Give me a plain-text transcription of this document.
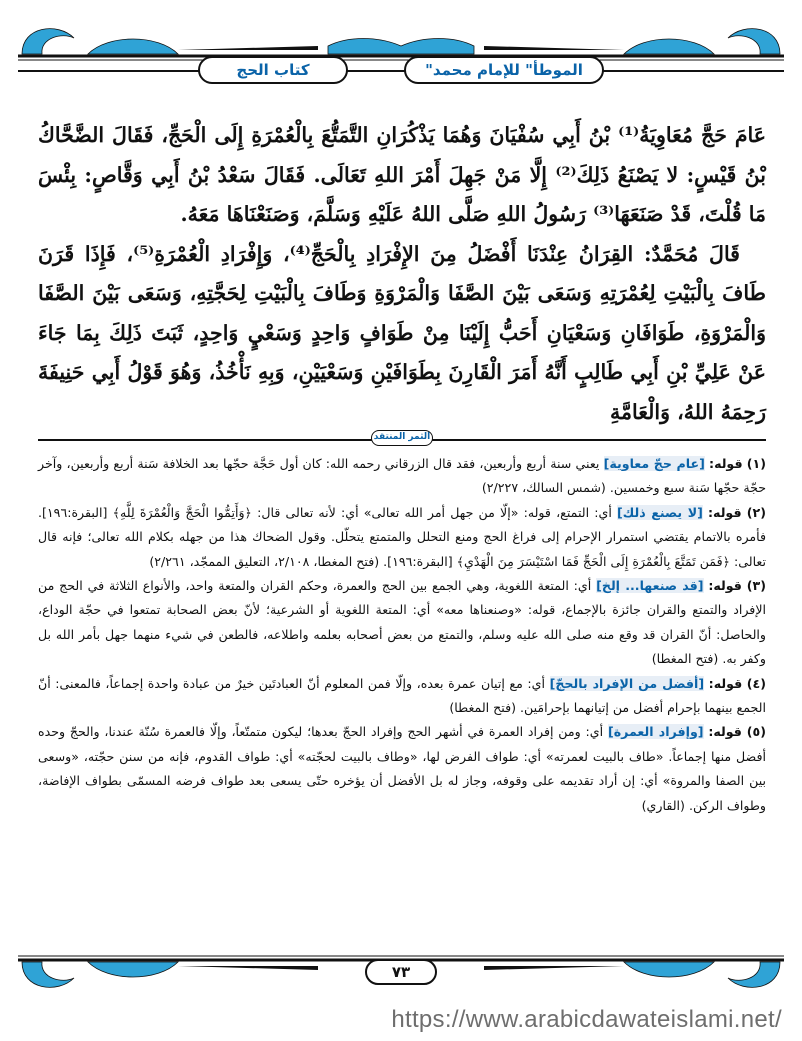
"الموطأ" للإمام محمد
كتاب الحج

عَامَ حَجَّ مُعَاوِيَةُ⁽¹⁾ بْنُ أَبِي سُفْيَانَ وَهُمَا يَذْكُرَانِ التَّمَتُّعَ بِالْعُمْرَةِ إِلَى الْحَجِّ، فَقَالَ الضَّحَّاكُ بْنُ قَيْسٍ: لا يَصْنَعُ ذَلِكَ⁽²⁾ إِلَّا مَنْ جَهِلَ أَمْرَ اللهِ تَعَالَى. فَقَالَ سَعْدُ بْنُ أَبِي وَقَّاصٍ: بِئْسَ مَا قُلْتَ، قَدْ صَنَعَهَا⁽³⁾ رَسُولُ اللهِ صَلَّى اللهُ عَلَيْهِ وَسَلَّمَ، وَصَنَعْنَاهَا مَعَهُ.

قَالَ مُحَمَّدٌ: القِرَانُ عِنْدَنَا أَفْضَلُ مِنَ الإِفْرَادِ بِالْحَجِّ⁽⁴⁾، وَإِفْرَادِ الْعُمْرَةِ⁽⁵⁾، فَإِذَا قَرَنَ طَافَ بِالْبَيْتِ لِعُمْرَتِهِ وَسَعَى بَيْنَ الصَّفَا وَالْمَرْوَةِ وَطَافَ بِالْبَيْتِ لِحَجَّتِهِ، وَسَعَى بَيْنَ الصَّفَا وَالْمَرْوَةِ، طَوَافَانِ وَسَعْيَانِ أَحَبُّ إِلَيْنَا مِنْ طَوَافٍ وَاحِدٍ وَسَعْيٍ وَاحِدٍ، ثَبَتَ ذَلِكَ بِمَا جَاءَ عَنْ عَلِيِّ بْنِ أَبِي طَالِبٍ أَنَّهُ أَمَرَ الْقَارِنَ بِطَوَافَيْنِ وَسَعْيَيْنِ، وَبِهِ نَأْخُذُ، وَهُوَ قَوْلُ أَبِي حَنِيفَةَ رَحِمَهُ اللهُ، وَالْعَامَّةِ

الثمر المنتقد
(١) قوله: [عام حجّ معاوية] يعني سنة أربع وأربعين، فقد قال الزرقاني رحمه الله: كان أول حَجَّة حجّها بعد الخلافة سَنة أربع وأربعين، وآخر حجّة حجّها سَنة سبع وخمسين. (شمس السالك، ٢/٢٢٧)
(٢) قوله: [لا يصنع ذلك] أي: التمتع، قوله: «إلّا من جهل أمر الله تعالى» أي: لأنه تعالى قال: ﴿وَأَتِمُّوا الْحَجَّ وَالْعُمْرَةَ لِلَّهِ﴾ [البقرة:١٩٦]. فأمره بالاتمام يقتضي استمرار الإحرام إلى فراغ الحج ومنع التحلل والمتمتع يتحلّل. وقول الضحاك هذا من جهله بكلام الله تعالى؛ فإنه قال تعالى: ﴿فَمَن تَمَتَّعَ بِالْعُمْرَةِ إِلَى الْحَجِّ فَمَا اسْتَيْسَرَ مِنَ الْهَدْيِ﴾ [البقرة:١٩٦]. (فتح المغطا، ٢/١٠٨، التعليق الممجّد، ٢/٢٦١)
(٣) قوله: [قد صنعها... إلخ] أي: المتعة اللغوية، وهي الجمع بين الحج والعمرة، وحكم القران والمتعة واحد، والأنواع الثلاثة في الحج من الإفراد والتمتع والقران جائزة بالإجماع، قوله: «وصنعناها معه» أي: المتعة اللغوية أو الشرعية؛ لأنّ بعض الصحابة تمتعوا في حجّة الوداع، والحاصل: أنّ القران قد وقع منه صلى الله عليه وسلم، والتمتع من بعض أصحابه بعلمه واطلاعه، فالطعن في شيء منهما جهل بأمر الله بل وكفر به. (فتح المغطا)
(٤) قوله: [أفضل من الإفراد بالحجّ] أي: مع إتيان عمرة بعده، وإلّا فمن المعلوم أنّ العبادتَين خيرٌ من عبادة واحدة إجماعاً، فالمعنى: أنّ الجمع بينهما بإحرام أفضل من إتيانهما بإحرامَين. (فتح المغطا)
(٥) قوله: [وإفراد العمرة] أي: ومن إفراد العمرة في أشهر الحج وإفراد الحجّ بعدها؛ ليكون متمتّعاً، وإلّا فالعمرة سُنّة عندنا، والحجّ وحده أفضل منها إجماعاً. «طاف بالبيت لعمرته» أي: طواف الفرض لها، «وطاف بالبيت لحجّته» أي: طواف القدوم، فإنه من سنن حجّته، «وسعى بين الصفا والمروة» أي: إن أراد تقديمه على وقوفه، وجاز له بل الأفضل أن يؤخره حتّى يسعى بعد طواف فرضه المسمّى بطواف الإفاضة، وطواف الركن. (القاري)
٧٣
https://www.arabicdawateislami.net/
